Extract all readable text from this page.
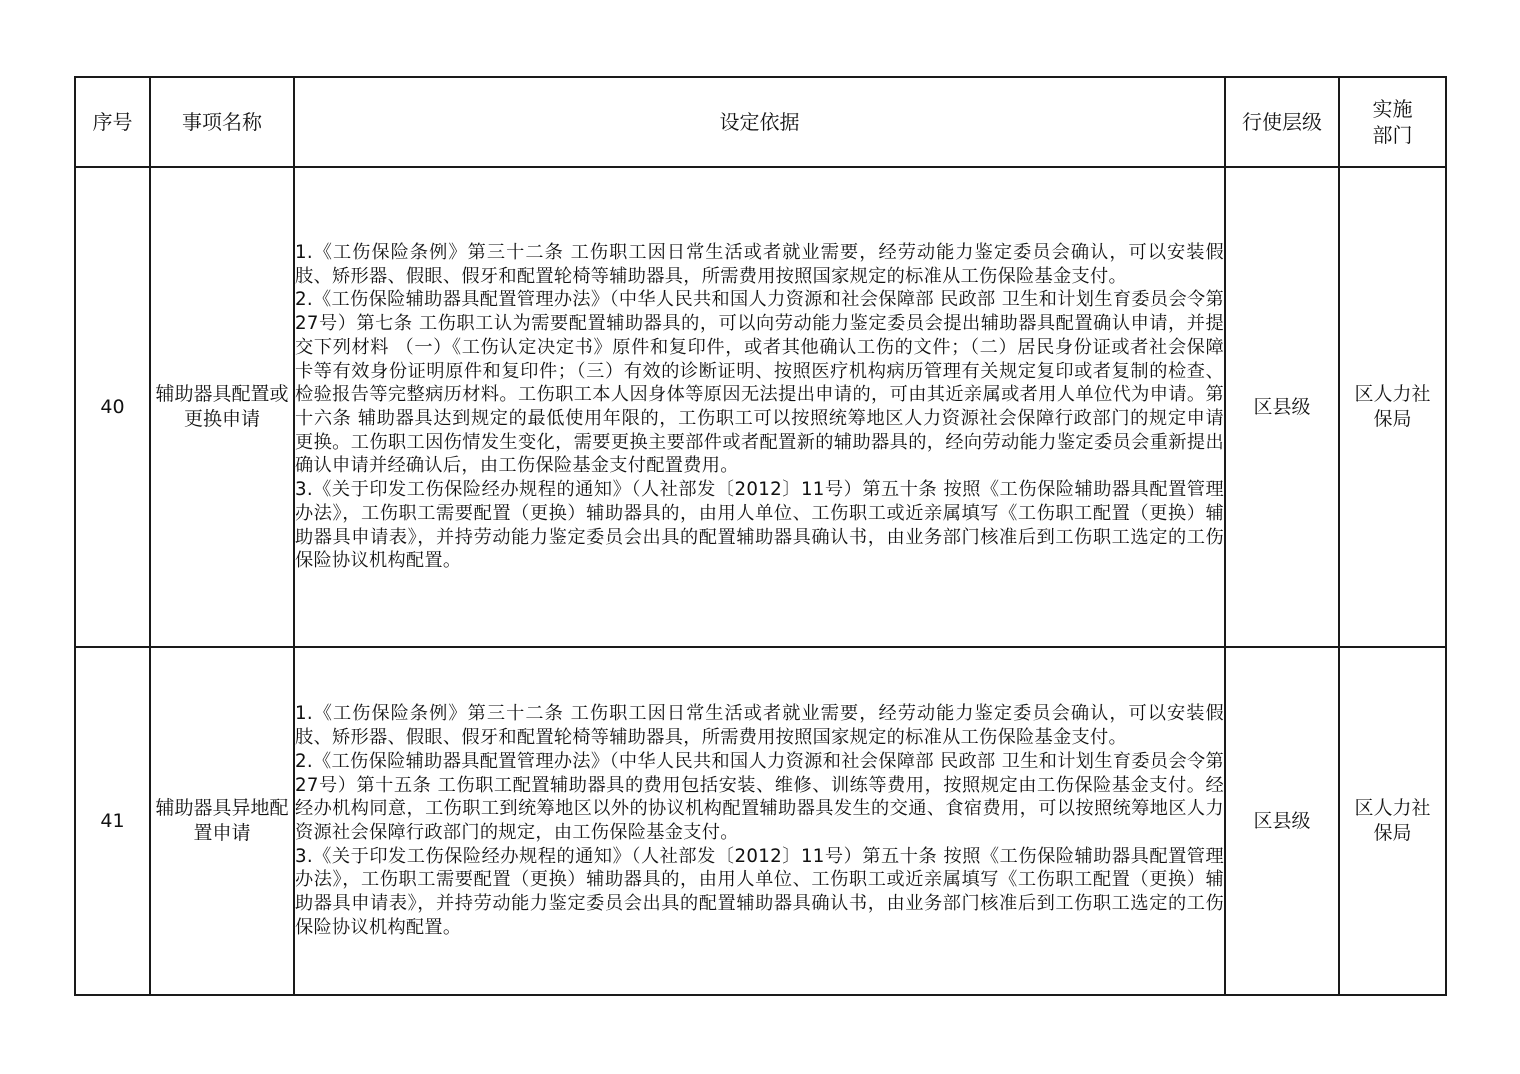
序号	事项名称	设定依据	行使层级	实施
部门
40	辅助器具配置或更换申请	1.《工伤保险条例》第三十二条 工伤职工因日常生活或者就业需要，经劳动能力鉴定委员会确认，可以安装假肢、矫形器、假眼、假牙和配置轮椅等辅助器具，所需费用按照国家规定的标准从工伤保险基金支付。

2.《工伤保险辅助器具配置管理办法》（中华人民共和国人力资源和社会保障部 民政部 卫生和计划生育委员会令第27号）第七条 工伤职工认为需要配置辅助器具的，可以向劳动能力鉴定委员会提出辅助器具配置确认申请，并提交下列材料 （一）《工伤认定决定书》原件和复印件，或者其他确认工伤的文件；（二）居民身份证或者社会保障卡等有效身份证明原件和复印件；（三）有效的诊断证明、按照医疗机构病历管理有关规定复印或者复制的检查、检验报告等完整病历材料。工伤职工本人因身体等原因无法提出申请的，可由其近亲属或者用人单位代为申请。第十六条 辅助器具达到规定的最低使用年限的，工伤职工可以按照统筹地区人力资源社会保障行政部门的规定申请更换。工伤职工因伤情发生变化，需要更换主要部件或者配置新的辅助器具的，经向劳动能力鉴定委员会重新提出确认申请并经确认后，由工伤保险基金支付配置费用。

3.《关于印发工伤保险经办规程的通知》（人社部发〔2012〕11号）第五十条 按照《工伤保险辅助器具配置管理办法》，工伤职工需要配置（更换）辅助器具的，由用人单位、工伤职工或近亲属填写《工伤职工配置（更换）辅助器具申请表》，并持劳动能力鉴定委员会出具的配置辅助器具确认书，由业务部门核准后到工伤职工选定的工伤保险协议机构配置。	区县级	区人力社保局

41	辅助器具异地配置申请	1.《工伤保险条例》第三十二条 工伤职工因日常生活或者就业需要，经劳动能力鉴定委员会确认，可以安装假肢、矫形器、假眼、假牙和配置轮椅等辅助器具，所需费用按照国家规定的标准从工伤保险基金支付。

2.《工伤保险辅助器具配置管理办法》（中华人民共和国人力资源和社会保障部 民政部 卫生和计划生育委员会令第27号）第十五条 工伤职工配置辅助器具的费用包括安装、维修、训练等费用，按照规定由工伤保险基金支付。经经办机构同意，工伤职工到统筹地区以外的协议机构配置辅助器具发生的交通、食宿费用，可以按照统筹地区人力资源社会保障行政部门的规定，由工伤保险基金支付。

3.《关于印发工伤保险经办规程的通知》（人社部发〔2012〕11号）第五十条 按照《工伤保险辅助器具配置管理办法》，工伤职工需要配置（更换）辅助器具的，由用人单位、工伤职工或近亲属填写《工伤职工配置（更换）辅助器具申请表》，并持劳动能力鉴定委员会出具的配置辅助器具确认书，由业务部门核准后到工伤职工选定的工伤保险协议机构配置。	区县级	区人力社保局
